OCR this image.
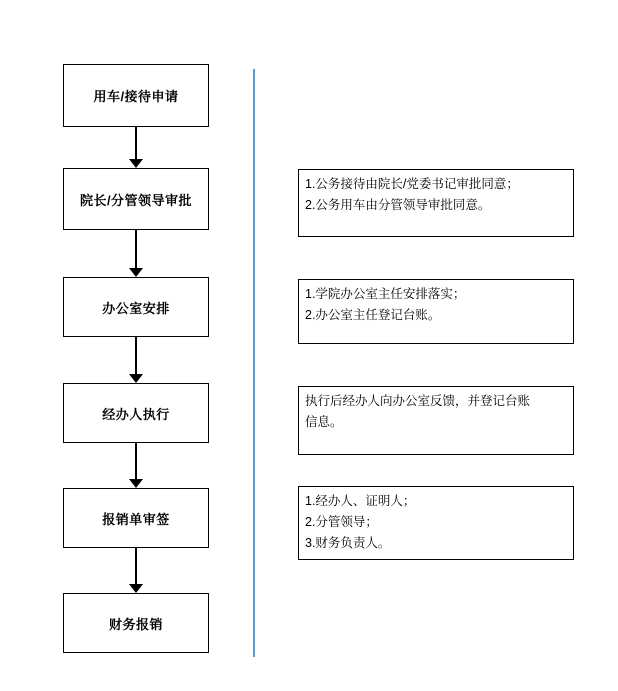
用车/接待申请
院长/分管领导审批
办公室安排
经办人执行
报销单审签
财务报销
1.公务接待由院长/党委书记审批同意；
2.公务用车由分管领导审批同意。
1.学院办公室主任安排落实；
2.办公室主任登记台账。
执行后经办人向办公室反馈，并登记台账
信息。
1.经办人、证明人；
2.分管领导；
3.财务负责人。
